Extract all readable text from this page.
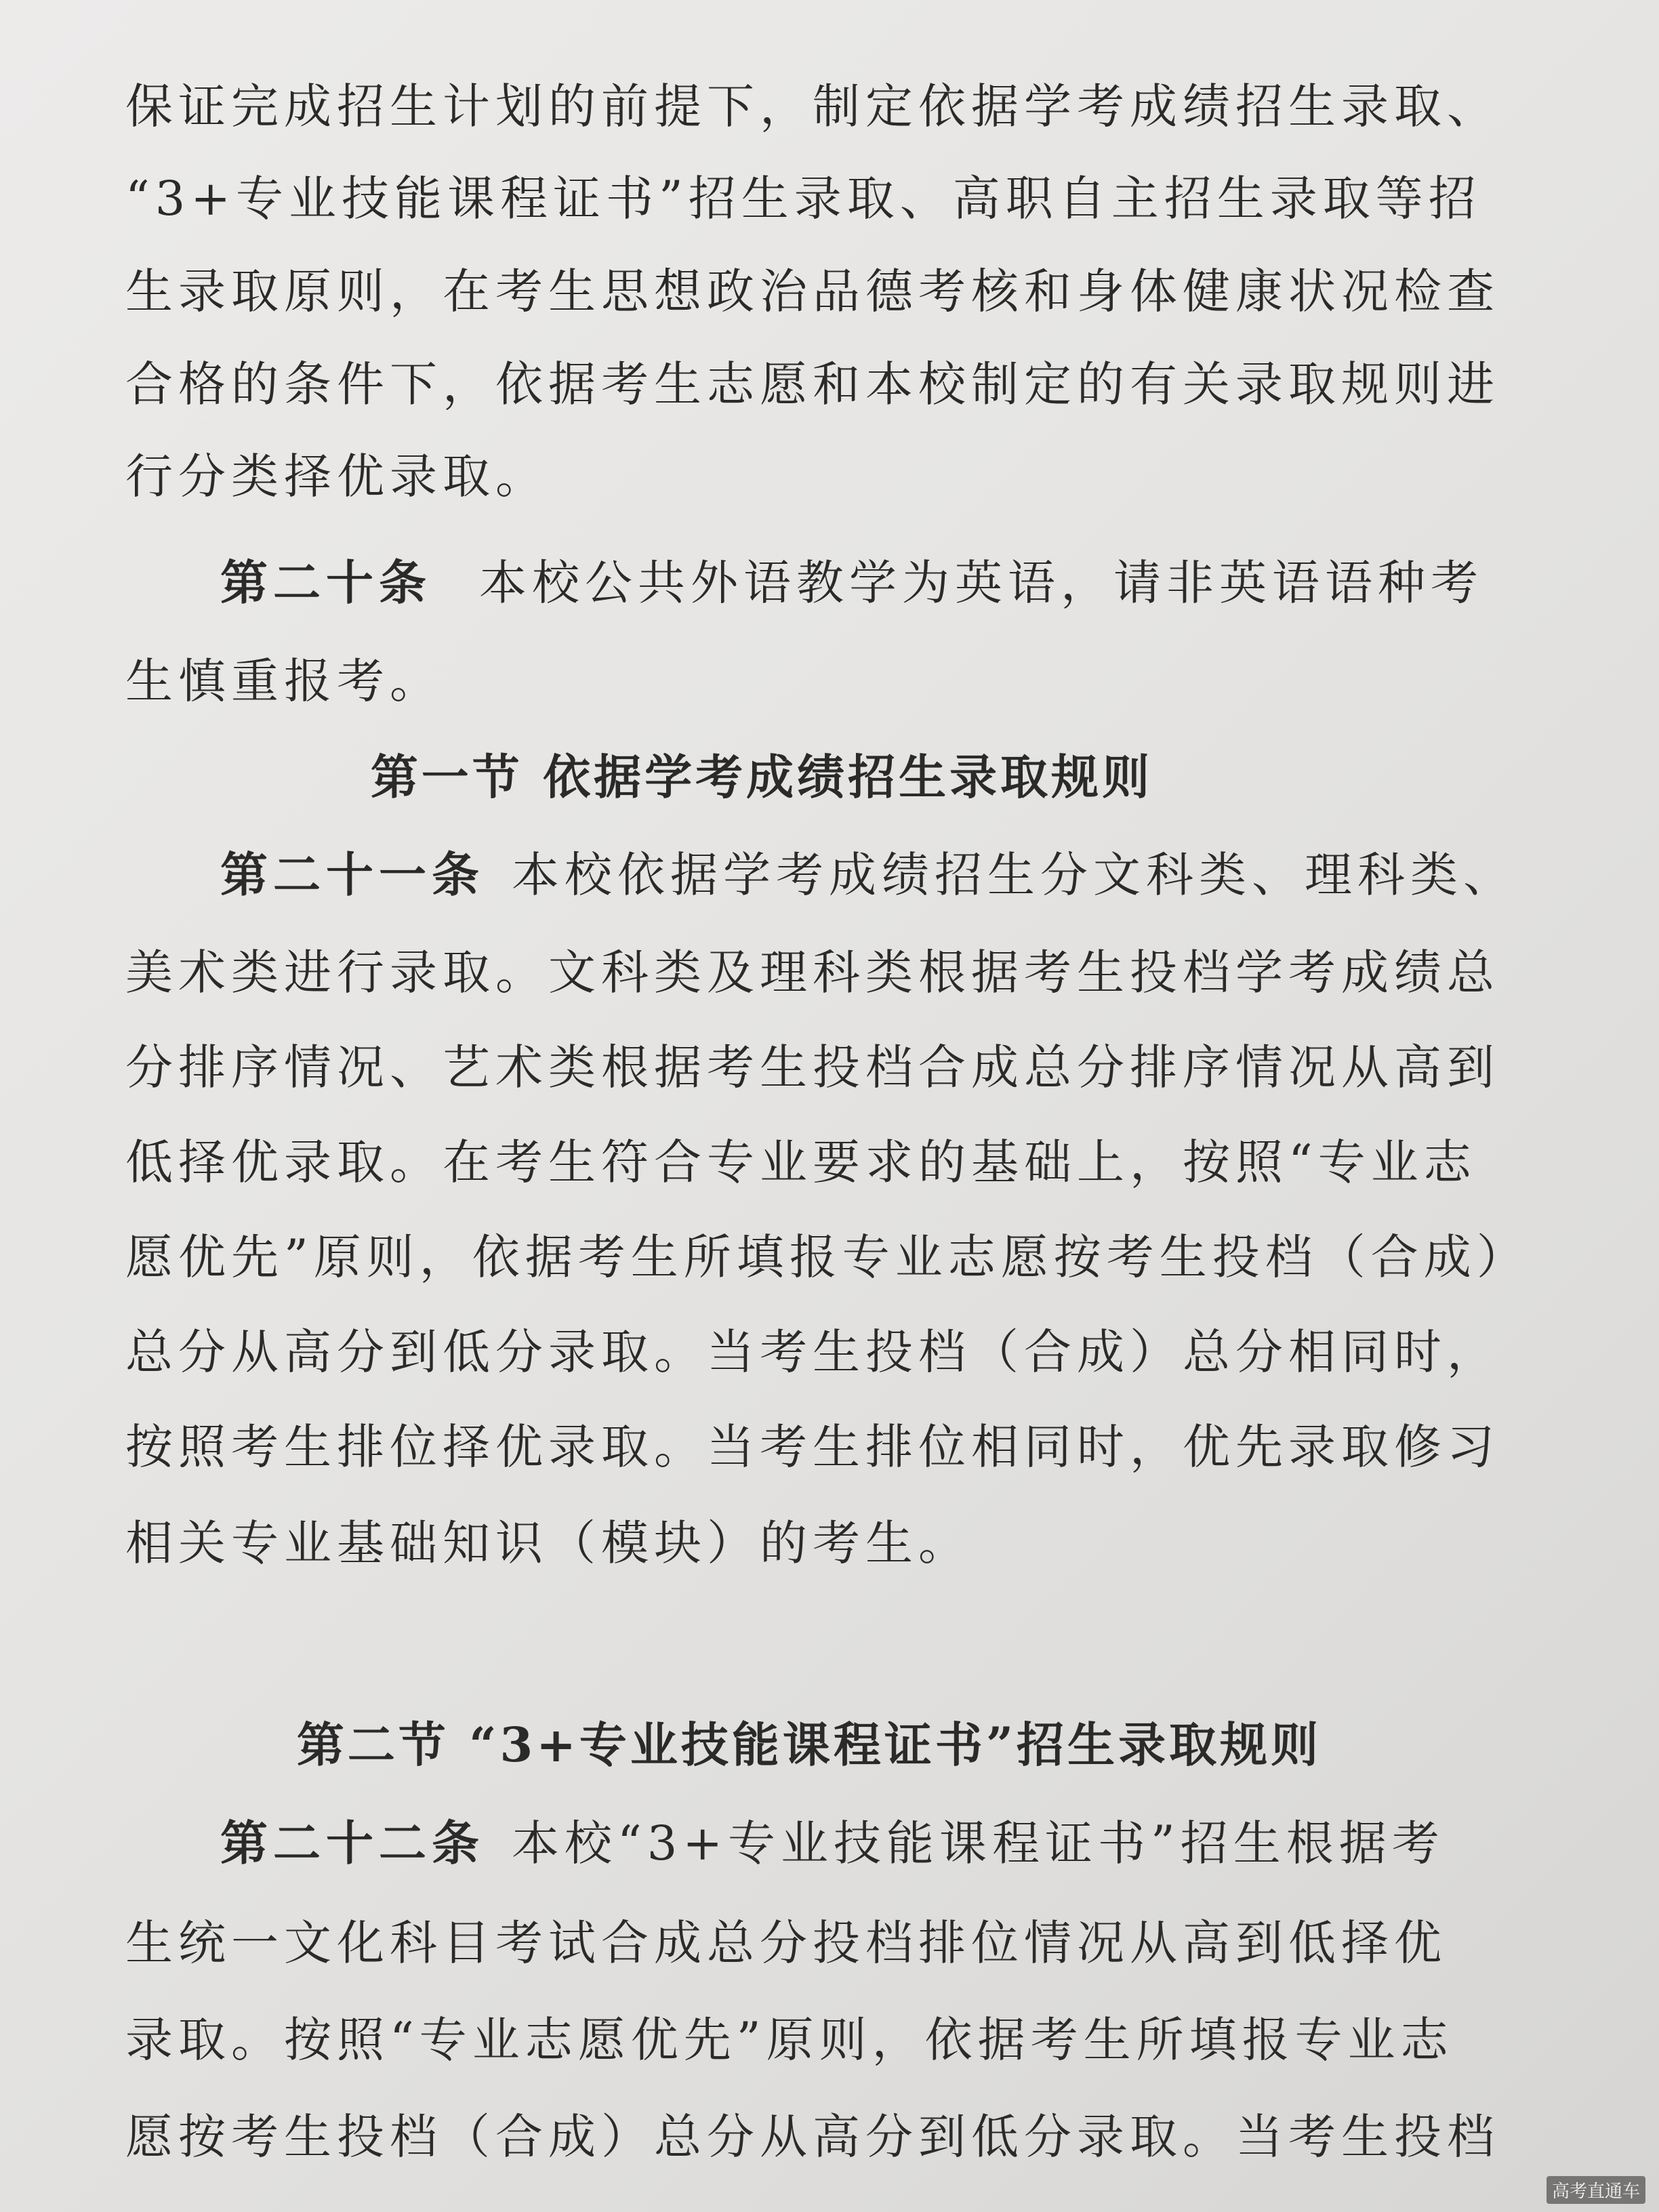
保证完成招生计划的前提下，制定依据学考成绩招生录取、
“3+专业技能课程证书”招生录取、高职自主招生录取等招
生录取原则，在考生思想政治品德考核和身体健康状况检查
合格的条件下，依据考生志愿和本校制定的有关录取规则进
行分类择优录取。
第二十条 本校公共外语教学为英语，请非英语语种考
生慎重报考。
第一节 依据学考成绩招生录取规则
第二十一条 本校依据学考成绩招生分文科类、理科类、
美术类进行录取。文科类及理科类根据考生投档学考成绩总
分排序情况、艺术类根据考生投档合成总分排序情况从高到
低择优录取。在考生符合专业要求的基础上，按照“专业志
愿优先”原则，依据考生所填报专业志愿按考生投档（合成）
总分从高分到低分录取。当考生投档（合成）总分相同时，
按照考生排位择优录取。当考生排位相同时，优先录取修习
相关专业基础知识（模块）的考生。
第二节 “3+专业技能课程证书”招生录取规则
第二十二条 本校“3+专业技能课程证书”招生根据考
生统一文化科目考试合成总分投档排位情况从高到低择优
录取。按照“专业志愿优先”原则，依据考生所填报专业志
愿按考生投档（合成）总分从高分到低分录取。当考生投档
高考直通车
